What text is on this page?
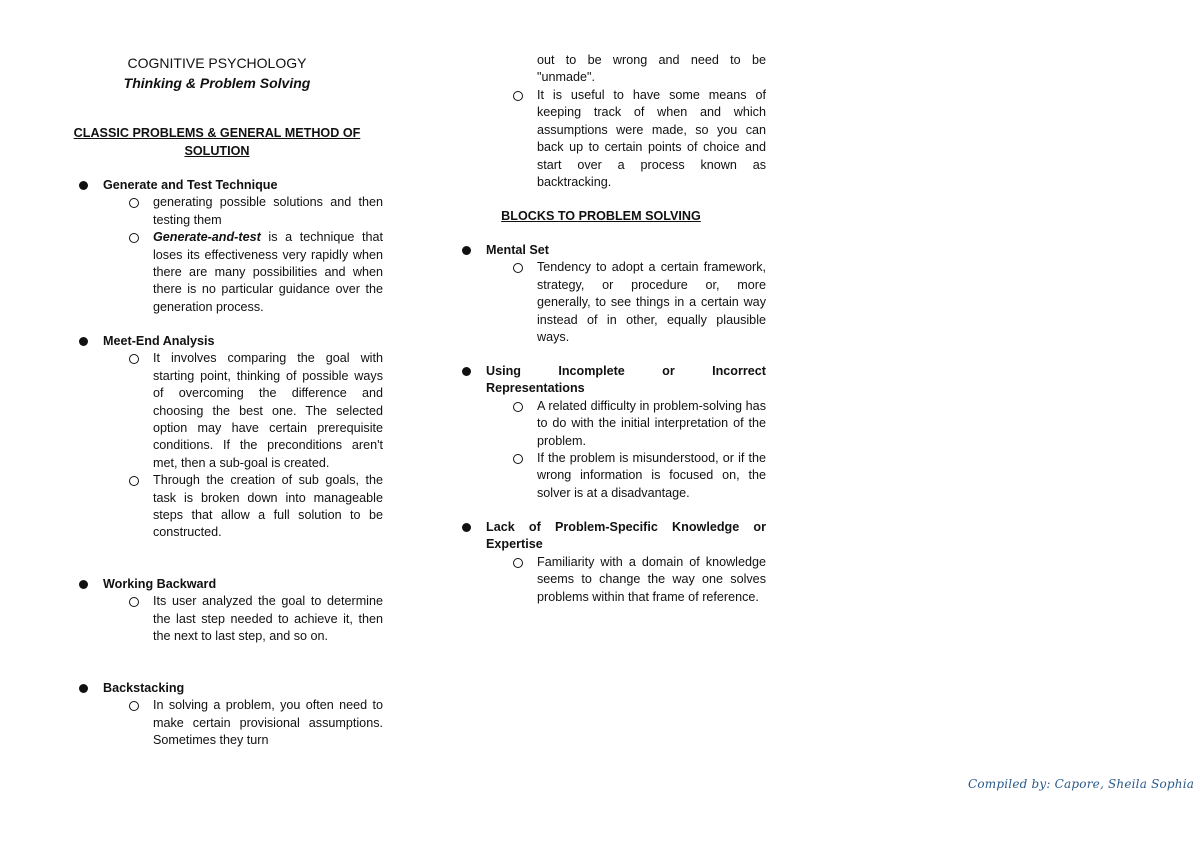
COGNITIVE PSYCHOLOGY
Thinking & Problem Solving
CLASSIC PROBLEMS & GENERAL METHOD OF SOLUTION
Generate and Test Technique
generating possible solutions and then testing them
Generate-and-test is a technique that loses its effectiveness very rapidly when there are many possibilities and when there is no particular guidance over the generation process.
Meet-End Analysis
It involves comparing the goal with starting point, thinking of possible ways of overcoming the difference and choosing the best one. The selected option may have certain prerequisite conditions. If the preconditions aren't met, then a sub-goal is created.
Through the creation of sub goals, the task is broken down into manageable steps that allow a full solution to be constructed.
Working Backward
Its user analyzed the goal to determine the last step needed to achieve it, then the next to last step, and so on.
Backstacking
In solving a problem, you often need to make certain provisional assumptions. Sometimes they turn
out to be wrong and need to be "unmade".
It is useful to have some means of keeping track of when and which assumptions were made, so you can back up to certain points of choice and start over a process known as backtracking.
BLOCKS TO PROBLEM SOLVING
Mental Set
Tendency to adopt a certain framework, strategy, or procedure or, more generally, to see things in a certain way instead of in other, equally plausible ways.
Using Incomplete or Incorrect Representations
A related difficulty in problem-solving has to do with the initial interpretation of the problem.
If the problem is misunderstood, or if the wrong information is focused on, the solver is at a disadvantage.
Lack of Problem-Specific Knowledge or Expertise
Familiarity with a domain of knowledge seems to change the way one solves problems within that frame of reference.
Compiled by: Capore, Sheila Sophia
